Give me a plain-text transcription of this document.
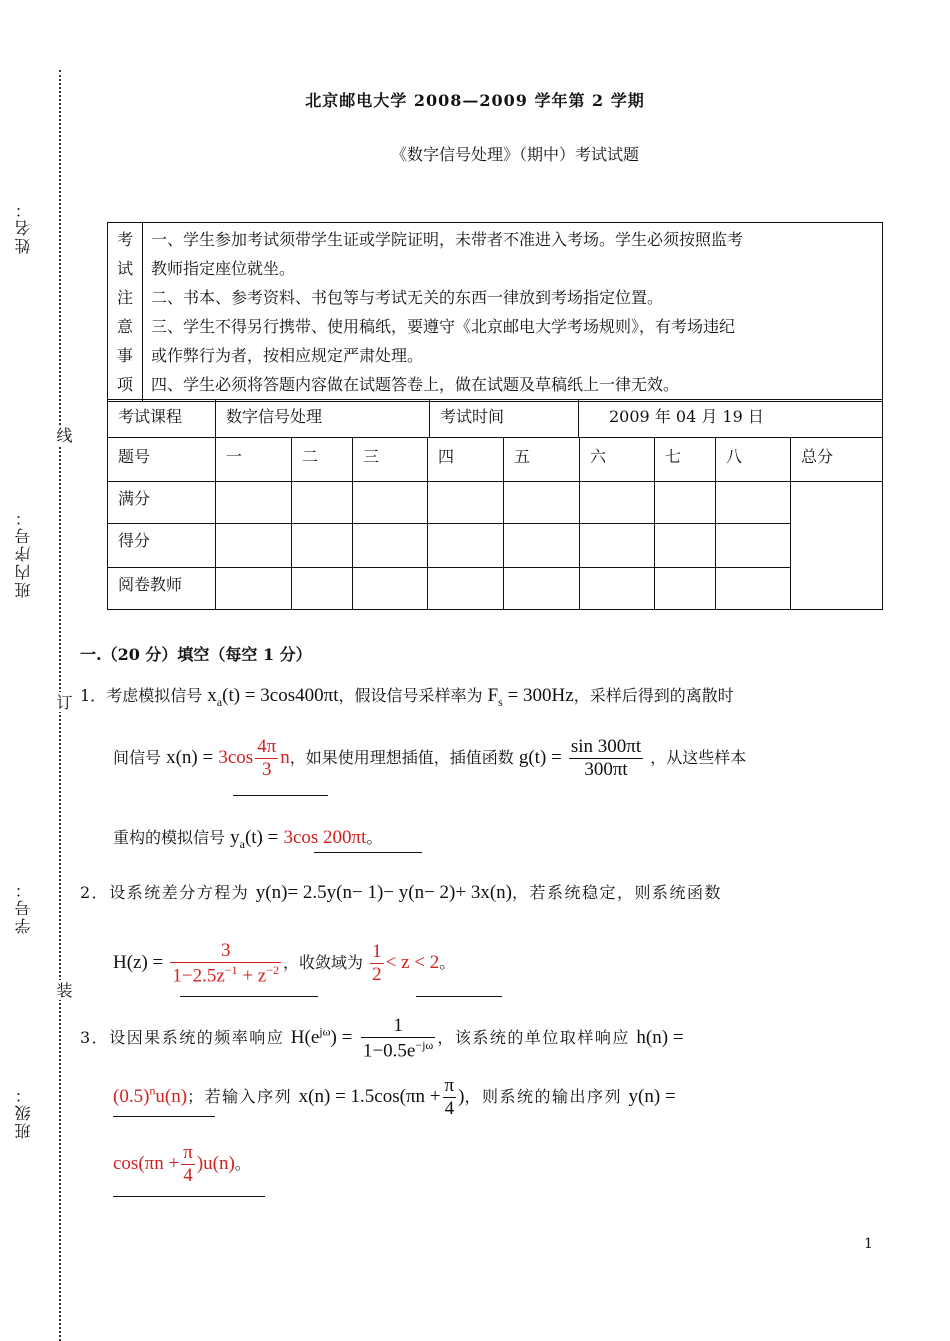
姓名：
班内序号：
学号：
班级：
线
订
装
北京邮电大学 2008—2009 学年第 2 学期
《数字信号处理》（期中）考试试题
考
试
注
意
事
项

一、学生参加考试须带学生证或学院证明，未带者不准进入考场。学生必须按照监考
教师指定座位就坐。
二、书本、参考资料、书包等与考试无关的东西一律放到考场指定位置。
三、学生不得另行携带、使用稿纸，要遵守《北京邮电大学考场规则》，有考场违纪
或作弊行为者，按相应规定严肃处理。
四、学生必须将答题内容做在试题答卷上，做在试题及草稿纸上一律无效。
考试课程	数字信号处理	考试时间	2009 年 04 月 19 日
题号	一	二	三	四	五	六	七	八	总分
满分									
得分									
阅卷教师									
一.（20 分）填空（每空 1 分）
1．考虑模拟信号 $x_a(t) = 3\cos 400\pi t$，假设信号采样率为 $F_s = 300Hz$，采样后得到的离散时
间信号 $x(n) = 3\cos \frac{4\pi}{3}$ n，如果使用理想插值，插值函数 $g(t) = \frac{\sin 300\pi t}{300\pi t}$ ，从这些样本
重构的模拟信号 $y_a(t) = 3\cos$ 200πt。
2．设系统差分方程为 y(n)= 2.5y(n− 1)− y(n− 2)+ 3x(n)，若系统稳定，则系统函数
$H(z) = \frac{3}{1-2.5z^{-1} + z^{-2}}$ ，收敛域为 $\frac{1}{2} < z < 2$。
3．设因果系统的频率响应 $H(e^{j\omega}) = \frac{1}{1-0.5e^{-j\omega}}$ ，该系统的单位取样响应 h(n) =
$(0.5)^nu(n)$；若输入序列 $x(n) = 1.5\cos(\pi n + \frac{\pi}{4}$ )，则系统的输出序列 y(n) =
$\cos(\pi n + \frac{\pi}{4} )u(n)$。
1
